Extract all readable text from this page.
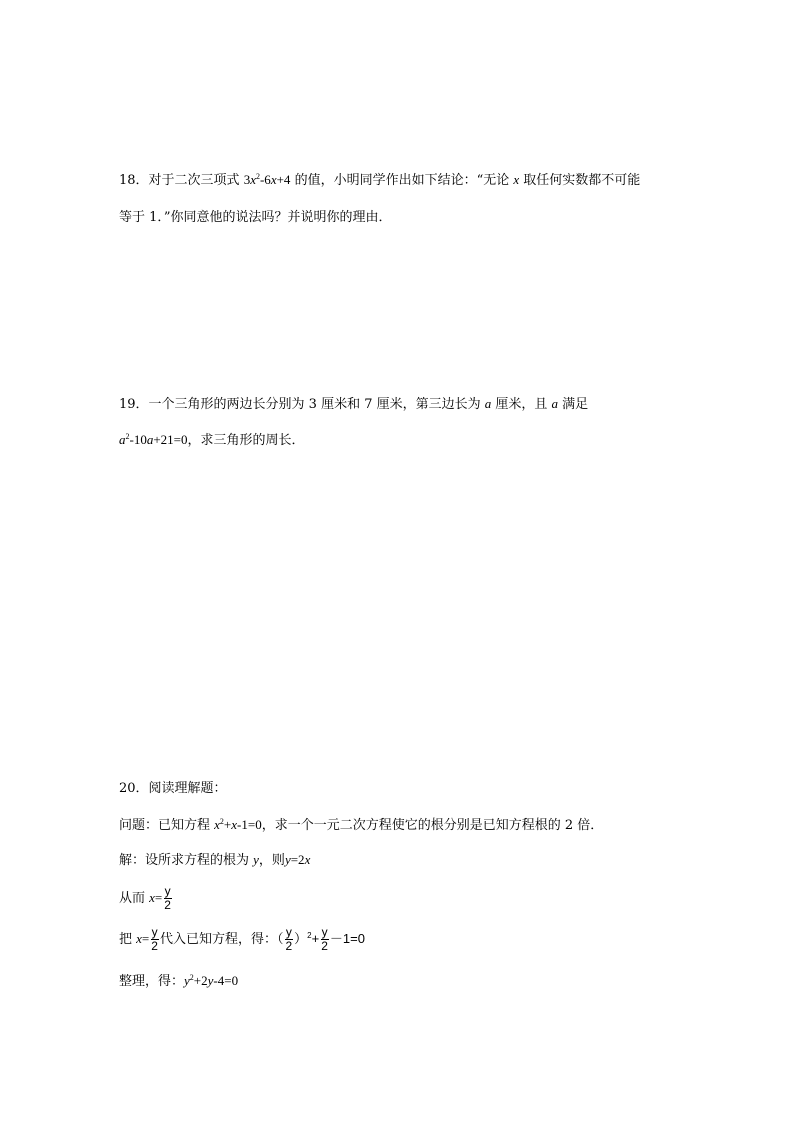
18．对于二次三项式 $3x^2-6x+4$ 的值，小明同学作出如下结论：“无论 x 取任何实数都不可能
等于 1．”你同意他的说法吗？并说明你的理由．
19．一个三角形的两边长分别为 3 厘米和 7 厘米，第三边长为 a 厘米，且 a 满足
$a^2-10a+21=0$，求三角形的周长．
20．阅读理解题：
问题：已知方程 $x^2+x-1=0$，求一个一元二次方程使它的根分别是已知方程根的 2 倍．
解：设所求方程的根为 y，则y=2x
从而 $x= \frac{y}{2}$
把 $x= \frac{y}{2}$ 代入已知方程，得：（ $\frac{y}{2} )^2+ \frac{y}{2} -1=0$
整理，得：$y^2+2y-4=0$
